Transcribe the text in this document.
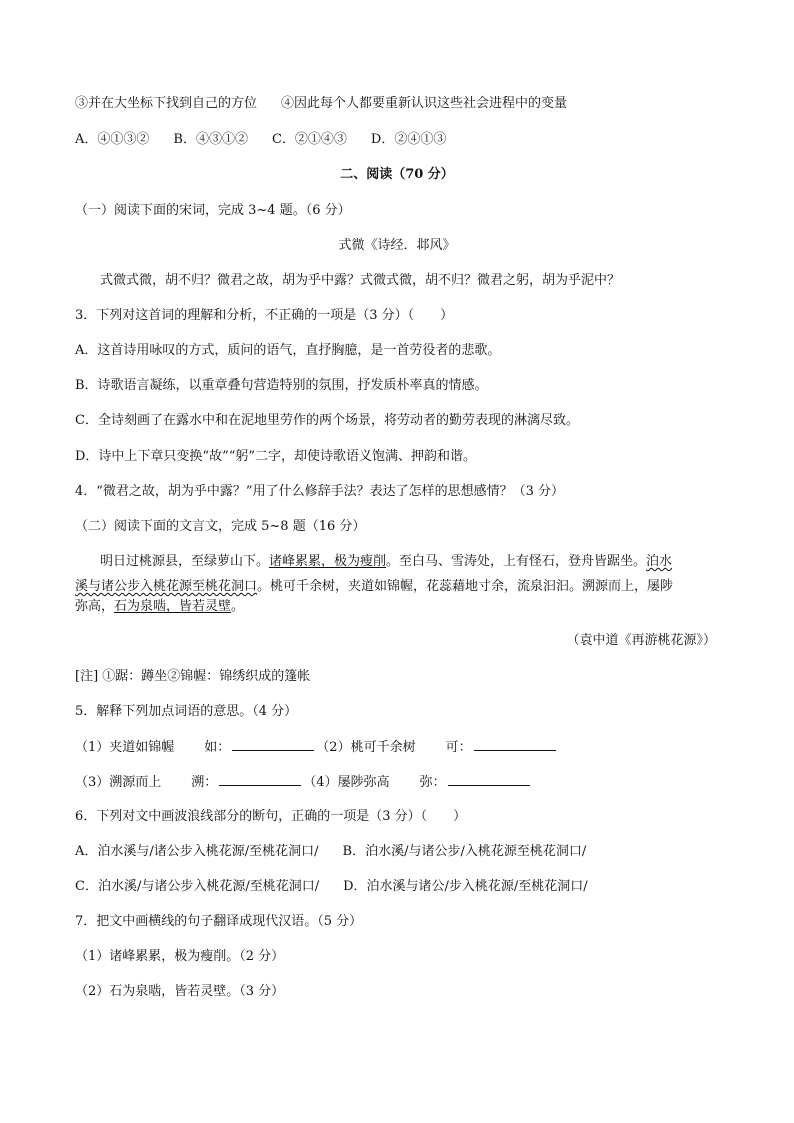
③并在大坐标下找到自己的方位 ④因此每个人都要重新认识这些社会进程中的变量
A．④①③② B．④③①② C．②①④③ D．②④①③
二、阅读（70 分）
（一）阅读下面的宋词，完成 3~4 题。（6 分）
式微《诗经．邶风》
式微式微，胡不归？微君之故，胡为乎中露？式微式微，胡不归？微君之躬，胡为乎泥中？
3．下列对这首词的理解和分析，不正确的一项是（3 分）（　　）
A．这首诗用咏叹的方式，质问的语气，直抒胸臆，是一首劳役者的悲歌。
B．诗歌语言凝练，以重章叠句营造特别的氛围，抒发质朴率真的情感。
C．全诗刻画了在露水中和在泥地里劳作的两个场景，将劳动者的勤劳表现的淋漓尽致。
D．诗中上下章只变换“故”“躬”二字，却使诗歌语义饱满、押韵和谐。
4．“微君之故，胡为乎中露？”用了什么修辞手法？表达了怎样的思想感情？（3 分）
（二）阅读下面的文言文，完成 5~8 题（16 分）
明日过桃源县，至绿萝山下。诸峰累累，极为瘦削。至白马、雪涛处，上有怪石，登舟皆踞坐。泊水
溪与诸公步入桃花源至桃花洞口。桃可千余树，夹道如锦幄，花蕊藉地寸余，流泉汩汩。溯源而上，屡陟
弥高，石为泉啮，皆若灵壁。
（袁中道《再游桃花源》）
[注] ①踞：蹲坐②锦幄：锦绣织成的篷帐
5．解释下列加点词语的意思。（4 分）
（1）夹道如锦幄 如：	（2）桃可千余树 可：
（3）溯源而上 溯：	（4）屡陟弥高 弥：
6．下列对文中画波浪线部分的断句，正确的一项是（3 分）（　　）
A．泊水溪与/诸公步入桃花源/至桃花洞口/ B．泊水溪/与诸公步/入桃花源至桃花洞口/
C．泊水溪/与诸公步入桃花源/至桃花洞口/ D．泊水溪与诸公/步入桃花源/至桃花洞口/
7．把文中画横线的句子翻译成现代汉语。（5 分）
（1）诸峰累累，极为瘦削。（2 分）
（2）石为泉啮，皆若灵壁。（3 分）
